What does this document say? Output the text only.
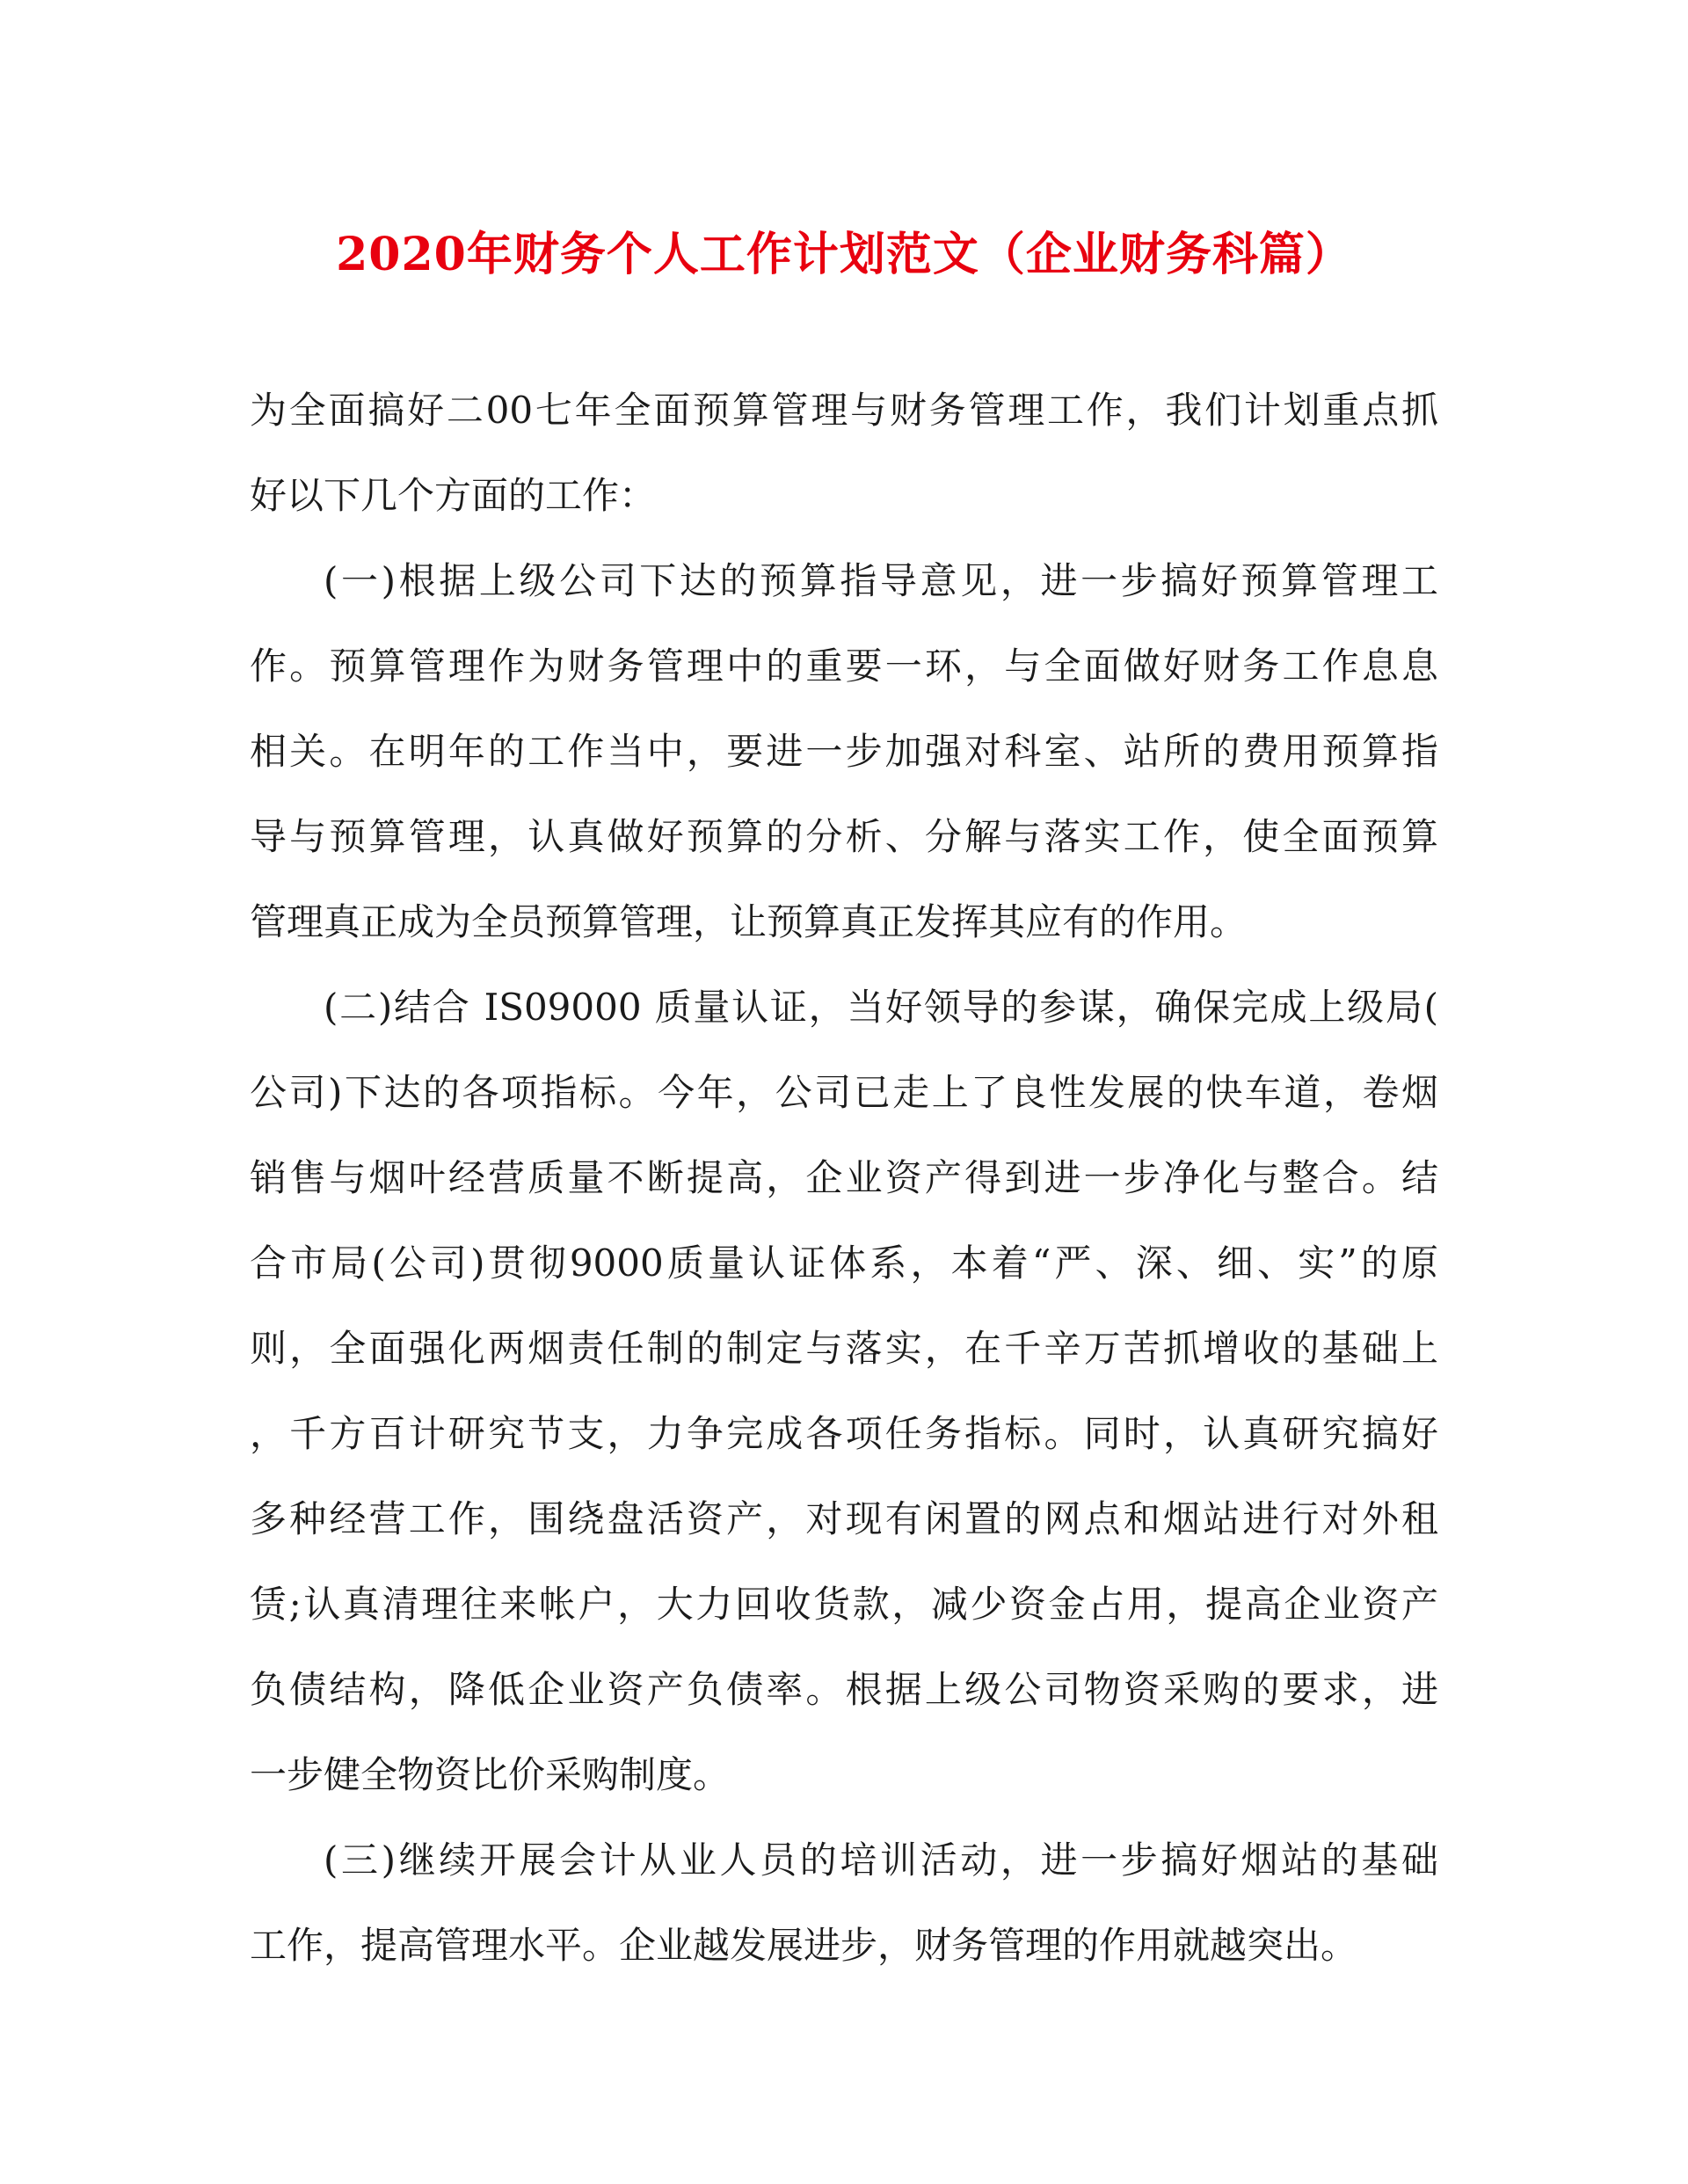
2020年财务个人工作计划范文（企业财务科篇）
为全面搞好二00七年全面预算管理与财务管理工作，我们计划重点抓
好以下几个方面的工作：
(一)根据上级公司下达的预算指导意见，进一步搞好预算管理工
作。预算管理作为财务管理中的重要一环，与全面做好财务工作息息
相关。在明年的工作当中，要进一步加强对科室、站所的费用预算指
导与预算管理，认真做好预算的分析、分解与落实工作，使全面预算
管理真正成为全员预算管理，让预算真正发挥其应有的作用。
(二)结合 IS09000 质量认证，当好领导的参谋，确保完成上级局(
公司)下达的各项指标。今年，公司已走上了良性发展的快车道，卷烟
销售与烟叶经营质量不断提高，企业资产得到进一步净化与整合。结
合市局(公司)贯彻9000质量认证体系，本着“严、深、细、实”的原
则，全面强化两烟责任制的制定与落实，在千辛万苦抓增收的基础上
，千方百计研究节支，力争完成各项任务指标。同时，认真研究搞好
多种经营工作，围绕盘活资产，对现有闲置的网点和烟站进行对外租
赁;认真清理往来帐户，大力回收货款，减少资金占用，提高企业资产
负债结构，降低企业资产负债率。根据上级公司物资采购的要求，进
一步健全物资比价采购制度。
(三)继续开展会计从业人员的培训活动，进一步搞好烟站的基础
工作，提高管理水平。企业越发展进步，财务管理的作用就越突出。
